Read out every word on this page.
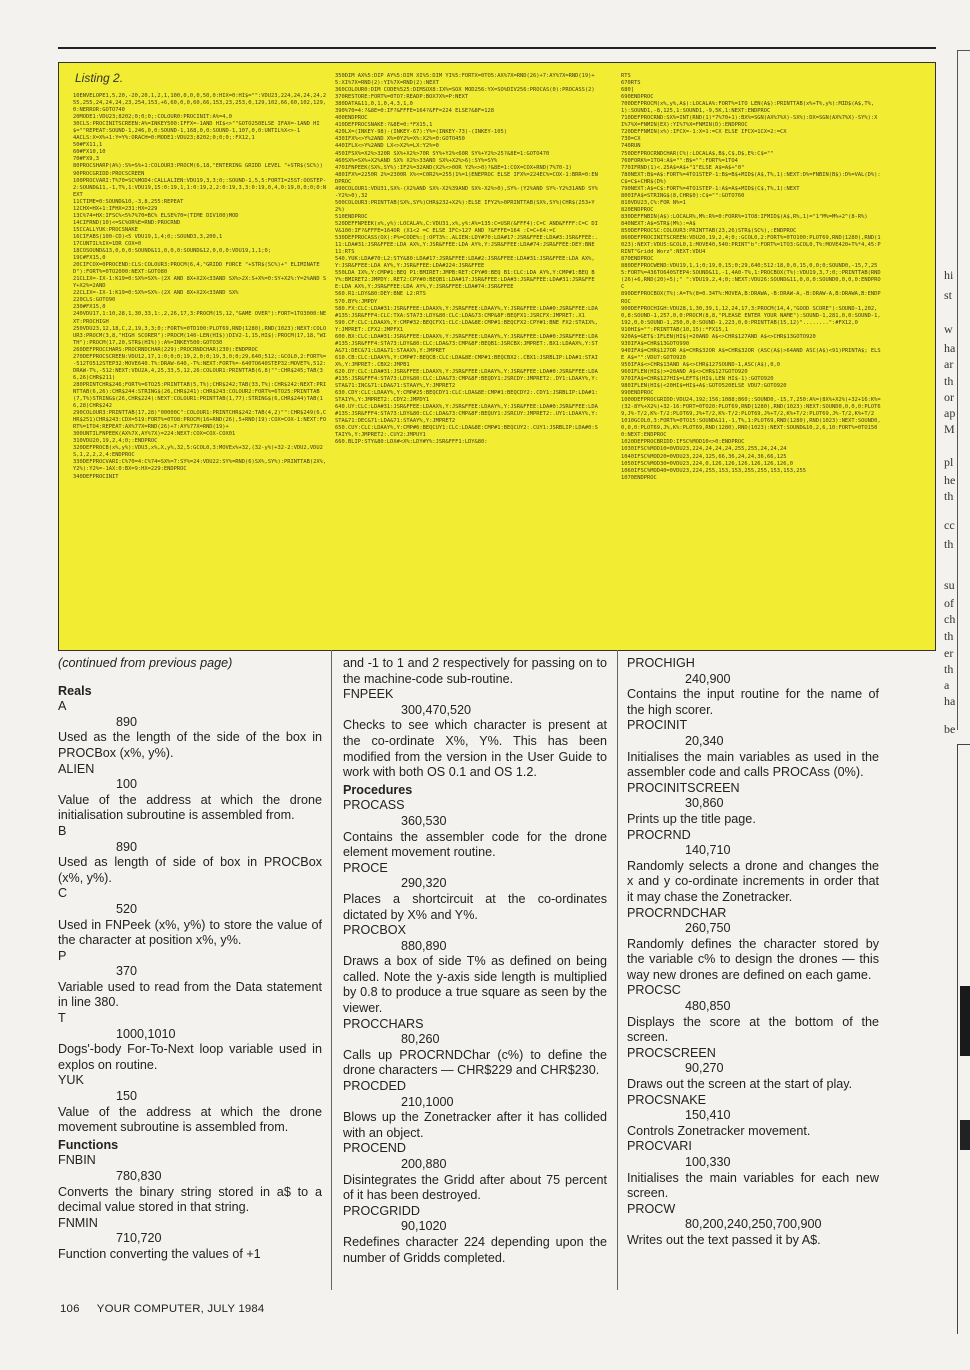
Listing 2.
10ENVELOPE1,5,20,-20,20,1,2,1,100,0,0,0,50,0:HIX=0:HI$="":VDU23,224,24,24,24,255,255,24,24,24,23,254,153,+6,60,0,0,60,66,153,23,253,0,129,102,66,60,102,129,0:NERROR:GOTO740
20MODE1:VDU23;8202;0;0;0;:COLOUR0:PROCINIT:A%=4,0
30CLS:PROCINITSCREEN:A%=INKEY500:IFFX=-1AND HI$<>""GOTO250ELSE IFAX=-1AND HI$=""REPEAT:SOUND-1,246,0,0:SOUND-1,168,0,0:SOUND-1,107,0,0:UNTIL%X<>-1
4ACLS:X=X%+1:Y=Y%:ORACH=0:MODE1:VDU23;8202;0;0;0;:FX12,1
50#FX11,1
60#FX10,10
70#FX9,3
80PROCSHARP(A%):S%=S%+1:COLOUR3:PROCM(6,18,"ENTERING GRIDD LEVEL "+STR$(SC%))
90PROCGRIDD:PROCSCREEN
100PROCVARI:T%70=SC%MOD4:CALLALIEN:VDU19,3,3;0;:SOUND-1,5,5:FORTI=25ST:OOSTEP-2:SOUND&11,-1,T%,1:VDU19,15:0:19,1,1:0:19,2,2:0:19,3,3:0:19,0,4,0:19,0,0;0;0:NEXT
11CTIME=0:SOUND&10,-3,8,255:REPEAT
12CHX=HX+1:IFHX=231:HX=229
13C%74=HX:IFSC%<5%7%70=BC% ELSE%70=(TIME DIV100)MOD
14CIFRND(10)<=SC%OR%E=RND:PROCRND
15CCALLYUK:PROCSNAKE
16CIFABS(100-CD)<5 VDU19,1,4;0;:SOUND3,3,200,1
17CUNTIL%IX=1DR COX=0
18COSOUND&13,0,0,0:SOUND&11,0,0,0:SOUND&12,0,0,0:VDU19,1,1;0;
19C#FX15,0
20CIFCOX=0PROCEND:CLS:COLOUR3:PROCM(6,4,"GRIDD FORCE "+STR$(SC%)+" ELIMINATED"):FORT%=0TO2000:NEXT:GOTO80
21CLIX=-IX-1:K19=0:SX%=SX%-(2X AND 8X+X2X<33AND SX%>2X:S+X%=0:SY+X2%:Y=2%AND SY+X2%=2AND
22CLIX=-IX-1:K19=0:SX%=SX%-(2X AND 8X+X2X<33AND SX%
220CLS:GOTO90
230#FX15,0
240VDU17,1:10,28,1,30,33,1:,2,26,17,3:PROCM(15,12,"GAME OVER"):FORT=1TO3000:NEXT:PROCHIGH
250VDU23,12,18,C,2,19,3,3;0;:FORT%=0TD100:PLOT69,RND(1280),RND(1023):NEXT:COLOUR3:PROCM(3,8,"HIGH SCORER"):PROCM(140-LEN(HI$))DIV2-1,15,HI$):PROCM(17,18,"WITH"):PROCM(17,20,STR$(HI%)):A%=INKEY500:GOTO30
260DEFPROCCHARS:PROCRNDCHAR(229):PROCRNDCHAR(230):ENDPROC
270DEFPROCSCREEN:VDU12,17,1:0;0;0;19,2,0;0;19,3,0;0;29,640;512;:GCOL0,2:FORT%=-512TO512STEP32:MOVE640.T%:DRAW-640,-T%:NEXT:FORT%=-640TO640STEP32:MOVET%,512:DRAW-T%,-512:NEXT:VDU2A,4,25,33,5,12,26:COLOUR1:PRINTTAB(6,8)"":CHR$245;TAB(36,26)CHR$211)
280PRINTCHR$246;FORT%=6TO25:PRINTTAB(5,T%);CHR$242;TAB(33,T%):CHR$242:NEXT:PRINTTAB(6,26):CHR$244:STRING$(26,CHR$241):CHR$243:COLOUR2:FORT%=6TO25:PRINTTAB(7,T%)STRING$(26,CHR$224):NEXT:COLOUR1:PRINTTAB(1,77):STRING$(6,CHR$244)TAB(16,28)CHR$242
290COLOUR3:PRINTTAB(17,28)"00000C":COLOUR1:PRINTCHR$242:TAB(4,2)"":CHR$249(6,CHR$251)CHR$243:CDX=519:FORT%=0TO8:PROCM(16+RND(26),5+RND(19):COX=COX-1:NEXT:FORT%=1TO4:REPEAT:AX%77X=RND(26)+7:AY%77X=RND(19)+
300UNTILFNPEEK(AX%7X,AY%7X)=224:NEXT:COX=COX-COX01
310VDU20,19,2,4;0;:ENDPROC
320DEFPROCB(x%,y%):VDU3,x%,X,y%,32,5:GCOL0,3:MOVEx%+32,(32-y%)+32-2:VDU2,VDU2S,1,2,2,2,4:ENDPROC
330DEFPROCVARI:C%70=4:C%74=SX%=7:SY%=24:VDU22:SY%=RND(6)SX%,SY%):PRINTTAB(2X%,Y2%):Y2%=-1AX:0:BX=9:HX=229:ENDPROC
340DEFPROCINIT
350DIM AX%5:DIP AY%5:DIM XI%5:DIM YI%5:FORTX=0TO5:AX%7X=RND(26)+7:AY%7X=RND(19)+5:XI%7X=RND(2):YI%7X=RND(2):NEXT
360COLOUR0:DIM CODE%525:DIMSOX8:IX%=SOX MOD256:YX=SO%DIV256:PROCAS(0):PROCASS(2)
370RESTORE:FORT%=0TO7:READP:BOX7X%=P:NEXT
380DATA&11,0,1,0,4,3,1,0
390%70=4:?&8E=0:IF?&FFFE=164?&FF=224 ELSE?&8F=128
400ENDPROC
410DEFPROCSNAKE:?&8E=0:*FX15,1
420LX=(INKEY-98)-(INKEY-67):Y%=(INKEY-73)-(INKEY-105)
430IFX%<>Y%2AND X%=0Y2%=X%:X2%=0:GOTO450
440IFLX<>Y%2AND LX<>X2%=LX:Y2%=0
450IFSX%=X2%>320R SX%+X2%>70R SY%+Y2%<60R SY%+Y2%>25?&8E=1:GOTO470
460SX%=SX%+X2%AND SX% X2%>33AND SX%+X2%>6):SY%=SY%
470IFNPEEK(SX%,SY%):IF2%=32AND(X2%<>0OR Y2%<>0)?&8E=1:COX=COX+RND(7%70-1)
480IFX%=2250R 2%=2300R X%<=C0R2%=255(1%=1)ENEPROC ELSE IFX%=224EC%=COX-1:BRR=0:ENDPROC
490COLOUR1:VDU31,SX%-(X2%AND SX%-X2%39AND SX%-X2%>0),SY%-(Y2%AND SY%-Y2%31AND SY%-Y2%>0),32
500COLOUR3:PRINTTAB(SX%,SY%)CHR$232+X2%):ELSE IFY2%>0PRINTTAB(SX%,SY%)CHR$(253+Y2%)
510ENDPROC
520DEFFNPEEK(x%,y%):LOCALA%,C:VDU31,x%,y%:A%=135:C=USR(&FFF4):C=C AND&FFFF:C=C DIV&100:IF?&FFFE=164OR (X1<2 =C ELSE IFC>127 AND ?&FFFE=164 :C=C+64:=C
530DEFPROCASS(OX):P%=CODE%:[:OPT3%:.ALIEN:LDY#70:LDA#17:JSR&FFEE:LDA#3:JSR&FFEE:.11:LDA#31:JSR&FFEE:LDA AX%,Y:JSR&FFEE:LDA AY%,Y:JSR&FFEE:LDA#74:JSR&FFEE:DEY:BNE 11:RTS
540.YUK:LDA#70:L2:STY&80:LDA#17:JSR&FFEE:LDA#2:JSR&FFEE:LDA#31:JSR&FFEE:LDA AX%,Y:JSR&FFEE:LDA AY%,Y:JSR&FFEE:LDA#224:JSR&FFEE
550LDA IX%,Y:CMP#1:BEQ P1:BMIRET:JMPB:RET:CPY#0:BEQ B1:CLC:LDA AY%,Y:CMP#1:BEQ BY%:BMIRET2:JMPDY:.RET2:CPY#0:BEQB1:LDA#17:JSR&FFEE:LDA#3:JSR&FFEE:LDA#31:JSR&FFEE:LDA AX%,Y:JSR&FFEE:LDA AY%,Y:JSR&FFEE:LDA#74:JSR&FFEE
560.R1:LDY&80:DEY:BNE L2:RTS
570.BY%:JMPDY
580.FX:CLC:LDA#31:JSR&FFEE:LDAAX%,Y:JSR&FFEE:LDAAY%,Y:JSR&FFEE:LDA#0:JSR&FFEE:LDA#135:JSR&FFF4:CLC:TXA:STA73:LDY&80:CLC:LDA&73:CMP&8F:BEQFX1:JSRCFX:JMPRET:.X1
590.CF:CLC:LDAAX%,Y:CMP#32:BEQCFX1:CLC:LDA&8E:CMP#1:BEQCFX2:CPY#1:BNE FX2:STAIX%,Y:JMPRET:.CFX2:JMPFX1
600.BX:CLC:LDA#31:JSR&FFEE:LDAAX%,Y:JSR&FFEE:LDAAY%,Y:JSR&FFEE:LDA#0:JSR&FFEE:LDA#135:JSR&FFF4:STA73:LDY&80:CLC:LDA&73:CMP&8F:BEQB1:JSRCBX:JMPRET:.BX1:LDAAX%,Y:STA&71:DEC&71:LDA&71:STAAX%,Y:JMPRET
610.CB:CLC:LDAAY%,Y:CMP#7:BEQCB:CLC:LDA&8E:CMP#1:BEQCBX2:.CBX1:JSRBLIP:LDA#1:STAIX%,Y:JMPRET:.CBX2:JMPB1
620.DY:CLC:LDA#31:JSR&FFEE:LDAAX%,Y:JSR&FFEE:LDAAY%,Y:JSR&FFEE:LDA#0:JSR&FFEE:LDA#135:JSR&FFF4:STA73:LDY&80:CLC:LDA&73:CMP&8F:BEQDY1:JSRCDY:JMPRET2:.DY1:LDAAY%,Y:STA&71:INC&71:LDA&71:STAAY%,Y:JMPRET2
630.CDY:CLC:LDAAY%,Y:CMP#25:BEQCDY1:CLC:LDA&8E:CMP#1:BEQCDY2:.CDY1:JSRBLIP:LDA#1:STAIY%,Y:JMPRET2:.CDY2:JMPDY1
640.UY:CLC:LDA#31:JSR&FFEE:LDAAX%,Y:JSR&FFEE:LDAAY%,Y:JSR&FFEE:LDA#0:JSR&FFEE:LDA#135:JSR&FFF4:STA73:LDY&80:CLC:LDA&73:CMP&8F:BEQUY1:JSRCUY:JMPRET2:.UY1:LDAAY%,Y:STA&71:DEC&71:LDA&71:STAAY%,Y:JMPRET2
650.CUY:CLC:LDAAY%,Y:CMP#6:BEQCUY1:CLC:LDA&8E:CMP#1:BEQCUY2:.CUY1:JSRBLIP:LDA#0:STAIY%,Y:JMPRET2:.CUY2:JMPUY1
660.BLIP:STY&80:LDX#<X%:LDY#Y%:JSR&FFF1:LDY&80:
RTS
670RTS
680]
690ENDPROC
700DEFPROCM(x%,y%,A$):LOCALA%:FORT%=1TO LEN(A$):PRINTTAB(x%+T%,y%):MID$(A$,T%,1):SOUND1,-8,125,1:SOUND1,-9,5K,1:NEXT:ENDPROC
710DEFPROCRND:SX%=INT(RND(1)*7%70+1):BX%=SGN(AX%7%X)-SX%):DX=SGN(AX%7%X)-SY%):XI%7%X=FNMIN(EX):YI%7%X=FNMIN(D):ENDPROC
720DEFFNMIN(x%):IFCX=-1:X=1:=CX ELSE IFCX=1CX=2:=CX
730=CX
740RUN
750DEFPROCRNDCHAR(C%):LOCALA$,B$,C$,D$,E%:C$=""
760FORK%=1TO4:A$="":B$="":FORT%=1TO4
770IFRND(1)<.25A$=A$+"1"ELSE A$=A$+"0"
780NEXT:B$=A$:FORT%=4TO1STEP-1:B$=B$+MID$(A$,T%,1):NEXT:D%=FNBIN(B$):D%=VAL(D%):C$=C$+CHR$(D%)
790NEXT:A$=C$:FORT%=4TO1STEP-1:A$=A$+MID$(C$,T%,1):NEXT
800IFA$=STRING$(8,CHR$0):C$="":GOTO760
810VDU23,C%:FOR N%=1
820ENDPROC
830DEFFNBIN(A$):LOCALR%,M%:R%=0:FORR%=1TO8:IFMID$(A$,R%,1)="1"M%=M%+2^(8-R%)
840NEXT:A$=STR$(M%):=A$
850DEFPROCSC:COLOUR3:PRINTTAB(23,26)STR$(SC%),:ENDPROC
860DEFPROCINITSCREEN:VDU20,19,2,4;0;:GCOL0,2:FORT%=0TO100:PLOT69,RND(1280),RND(1023):NEXT:VDU5:GCOL0,1:MOVE40,540:PRINT"b":FORT%=1TO3:GCOL0,T%:MOVE420+T%*4,45:PRINT"Gridd Worz":NEXT:VDU4
870ENDPROC
880DEFPROCWEND:VDU19,1,1;0;19,0,15;0;29,640;512:18,0,0,15,0,0;0;SOUND0,-15,7,255:FORT%=436TO640STEP4:SOUND&11,-1,4A0-T%,1:PROCBOX(T%):VDU19,3,7;0;:PRINTTAB(RND(26)+6,RND(20)+5);" ":VDU19,2,4;0;:NEXT:VDU26:SOUND&11,0,0,0:SOUND0,0,0,0:ENDPROC
890DEFPROCBOX(T%):A=T%(8=0.34T%:MOVEA,B:DRAWA,-B:DRAW-A,-B:DRAW-A,B:DRAWA,B:ENDPROC
900DEFPROCHIGH:VDU28,1,30,39,1,12,24,17,3:PROCM(14,4,"GOOD SCORE"):SOUND-1,202,0,8:SOUND-1,257,0,0:PROCM(8,8,"PLEASE ENTER YOUR NAME"):SOUND-1,281,0,0:SOUND-1,192,0,0:SOUND-1,250,0,0:SOUND-1,223,0,0:PRINTTAB(15,12)"........":#FX12,0
910HI$="":PRINTTAB(10,15):*FX15,1
920A$=GET$:IFLEN(HI$)=20AND A$<>CHR$127AND A$<>CHR$13GOTO920
930IFA$=CHR$13GOTO990
940IFA$=CHR$127OR A$=CHR$32OR A$=CHR$32OR (ASC(A$)>64AND ASC(A$)<91)PRINTA$; ELSE A$="":VDU7:GOTO920
950IFA$<>CHR$13AND A$<>CHR$127SOUND-1,ASC(A$),0,0
960IFLEN(HI$)>=20AND A$<>CHR$127GOTO920
970IFA$=CHR$127HI$=LEFT$(HI$,LEN HI$-1):GOTO920
980IFLEN(HI$)<20HI$=HI$+A$:GOTO520ELSE VDU7:GOTO920
990ENDPROC
1000DEFPROCGRIDD:VDU24,192;156;1088;860;:SOUND0,-15,7,250:A%=(8X%+X2%)+32+16:K%=(32-8Y%+X2%)+32-16:FORT=0TO20:PLOT69,RND(1280),RND(1023):NEXT:SOUND0,0,0,0:PLOT69,J%-T/2,K%-T/2:PLOT69,J%+T/2,K%-T/2:PLOT69,J%+T/2,K%+T/2:PLOT69,J%-T/2,K%+T/2
1010GCOL0,3:FORT%=0TO15:SOUND&11,-1,T%,1:PLOT69,RND(1280),RND(1023):NEXT:SOUND0,0,0,0:PLOT69,J%,K%:PLOT69,RND(1280),RND(1023):NEXT:SOUND&10,2,6,10:FORT%=0TO1500:NEXT:ENDPROC
1020DEFPROCBRIDD:IFSC%MOD10<>0:ENDPROC
1030IFSC%MOD10=0VDU23,224,24,24,24,255,255,24,24,24
1040IFSC%MOD20=0VDU23,224,125,66,36,24,24,36,66,125
1050IFSC%MOD30=0VDU23,224,0,126,126,126,126,126,126,0
1060IFSC%MOD40=0VDU23,224,255,153,153,255,255,153,153,255
1070ENDPROC
(continued from previous page)
Reals
A
890
Used as the length of the side of the box in PROCBox (x%, y%).
ALIEN
100
Value of the address at which the drone initialisation subroutine is assembled from.
B
890
Used as length of side of box in PROCBox (x%, y%).
C
520
Used in FNPeek (x%, y%) to store the value of the character at position x%, y%.
P
370
Variable used to read from the Data statement in line 380.
T
1000,1010
Dogs'-body For-To-Next loop variable used in explos on routine.
YUK
150
Value of the address at which the drone movement subroutine is assembled from.
Functions
FNBIN
780,830
Converts the binary string stored in a$ to a decimal value stored in that string.
FNMIN
710,720
Function converting the values of +1
and -1 to 1 and 2 respectively for passing on to the machine-code sub-routine.
FNPEEK
300,470,520
Checks to see which character is present at the co-ordinate X%, Y%. This has been modified from the version in the User Guide to work with both OS 0.1 and OS 1.2.
Procedures
PROCASS
360,530
Contains the assembler code for the drone element movement routine.
PROCE
290,320
Places a shortcircuit at the co-ordinates dictated by X% and Y%.
PROCBOX
880,890
Draws a box of side T% as defined on being called. Note the y-axis side length is multiplied by 0.8 to produce a true square as seen by the viewer.
PROCCHARS
80,260
Calls up PROCRNDChar (c%) to define the drone characters — CHR$229 and CHR$230.
PROCDED
210,1000
Blows up the Zonetracker after it has collided with an object.
PROCEND
200,880
Disintegrates the Gridd after about 75 percent of it has been destroyed.
PROCGRIDD
90,1020
Redefines character 224 depending upon the number of Gridds completed.
PROCHIGH
240,900
Contains the input routine for the name of the high scorer.
PROCINIT
20,340
Initialises the main variables as used in the assembler code and calls PROCAss (0%).
PROCINITSCREEN
30,860
Prints up the title page.
PROCRND
140,710
Randomly selects a drone and changes the x and y co-ordinate increments in order that it may chase the Zonetracker.
PROCRNDCHAR
260,750
Randomly defines the character stored by the variable c% to design the drones — this way new drones are defined on each game.
PROCSC
480,850
Displays the score at the bottom of the screen.
PROCSCREEN
90,270
Draws out the screen at the start of play.
PROCSNAKE
150,410
Controls Zonetracker movement.
PROCVARI
100,330
Initialises the main variables for each new screen.
PROCW
80,200,240,250,700,900
Writes out the text passed it by A$.
106 YOUR COMPUTER, JULY 1984
hi
st
w
ha
ar
th
or
ap
M
pl
he
th
cc
th
su
of
ch
th
er
th
a
ha
be
